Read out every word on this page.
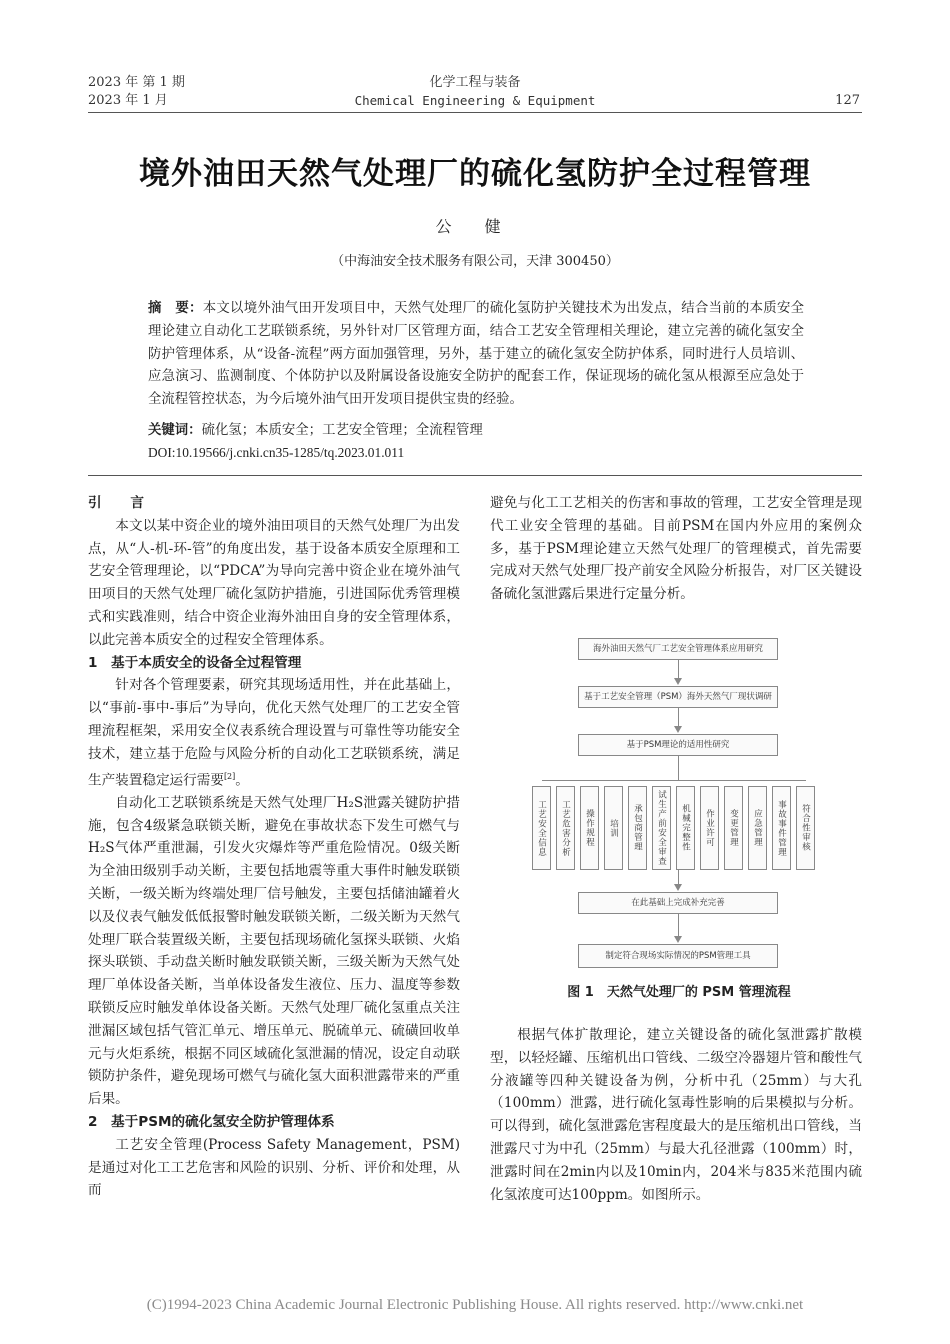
2023 年 第 1 期
2023 年 1 月
化学工程与装备
Chemical Engineering & Equipment	127
境外油田天然气处理厂的硫化氢防护全过程管理
公 健
（中海油安全技术服务有限公司，天津 300450）
摘　要：本文以境外油气田开发项目中，天然气处理厂的硫化氢防护关键技术为出发点，结合当前的本质安全理论建立自动化工艺联锁系统，另外针对厂区管理方面，结合工艺安全管理相关理论，建立完善的硫化氢安全防护管理体系，从“设备-流程”两方面加强管理，另外，基于建立的硫化氢安全防护体系，同时进行人员培训、应急演习、监测制度、个体防护以及附属设备设施安全防护的配套工作，保证现场的硫化氢从根源至应急处于全流程管控状态，为今后境外油气田开发项目提供宝贵的经验。
关键词：硫化氢；本质安全；工艺安全管理；全流程管理
DOI:10.19566/j.cnki.cn35-1285/tq.2023.01.011
引 言

本文以某中资企业的境外油田项目的天然气处理厂为出发点，从“人-机-环-管”的角度出发，基于设备本质安全原理和工艺安全管理理论，以“PDCA”为导向完善中资企业在境外油气田项目的天然气处理厂硫化氢防护措施，引进国际优秀管理模式和实践准则，结合中资企业海外油田自身的安全管理体系，以此完善本质安全的过程安全管理体系。

1　基于本质安全的设备全过程管理

针对各个管理要素，研究其现场适用性，并在此基础上，以“事前-事中-事后”为导向，优化天然气处理厂的工艺安全管理流程框架，采用安全仪表系统合理设置与可靠性等功能安全技术，建立基于危险与风险分析的自动化工艺联锁系统，满足生产装置稳定运行需要[2]。

自动化工艺联锁系统是天然气处理厂H₂S泄露关键防护措施，包含4级紧急联锁关断，避免在事故状态下发生可燃气与H₂S气体严重泄漏，引发火灾爆炸等严重危险情况。0级关断为全油田级别手动关断，主要包括地震等重大事件时触发联锁关断，一级关断为终端处理厂信号触发，主要包括储油罐着火以及仪表气触发低低报警时触发联锁关断，二级关断为天然气处理厂联合装置级关断，主要包括现场硫化氢探头联锁、火焰探头联锁、手动盘关断时触发联锁关断，三级关断为天然气处理厂单体设备关断，当单体设备发生液位、压力、温度等参数联锁反应时触发单体设备关断。天然气处理厂硫化氢重点关注泄漏区域包括气管汇单元、增压单元、脱硫单元、硫磺回收单元与火炬系统，根据不同区域硫化氢泄漏的情况，设定自动联锁防护条件，避免现场可燃气与硫化氢大面积泄露带来的严重后果。

2　基于PSM的硫化氢安全防护管理体系

工艺安全管理(Process Safety Management，PSM)是通过对化工工艺危害和风险的识别、分析、评价和处理，从而

避免与化工工艺相关的伤害和事故的管理，工艺安全管理是现代工业安全管理的基础。目前PSM在国内外应用的案例众多，基于PSM理论建立天然气处理厂的管理模式，首先需要完成对天然气处理厂投产前安全风险分析报告，对厂区关键设备硫化氢泄露后果进行定量分析。

海外油田天然气厂工艺安全管理体系应用研究
基于工艺安全管理（PSM）海外天然气厂现状调研
基于PSM理论的适用性研究
工艺安全信息	工艺危害分析	操作规程	培训	承包商管理	试生产前安全审查	机械完整性	作业许可	变更管理	应急管理	事故事件管理	符合性审核
在此基础上完成补充完善
制定符合现场实际情况的PSM管理工具
图 1　天然气处理厂的 PSM 管理流程

根据气体扩散理论，建立关键设备的硫化氢泄露扩散模型，以轻烃罐、压缩机出口管线、二级空冷器翅片管和酸性气分液罐等四种关键设备为例，分析中孔（25mm）与大孔（100mm）泄露，进行硫化氢毒性影响的后果模拟与分析。可以得到，硫化氢泄露危害程度最大的是压缩机出口管线，当泄露尺寸为中孔（25mm）与最大孔径泄露（100mm）时，泄露时间在2min内以及10min内，204米与835米范围内硫化氢浓度可达100ppm。如图所示。

(C)1994-2023 China Academic Journal Electronic Publishing House. All rights reserved. http://www.cnki.net
